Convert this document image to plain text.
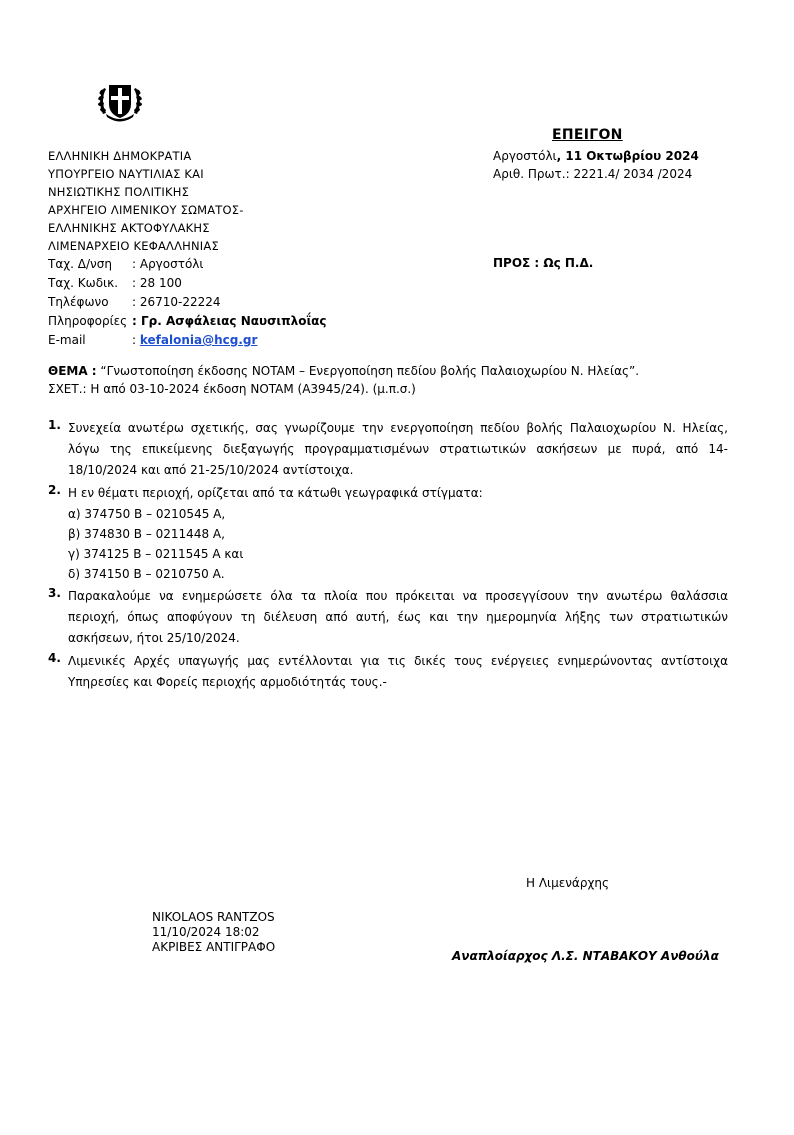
ΕΠΕΙΓΟΝ
ΕΛΛΗΝΙΚΗ ΔΗΜΟΚΡΑΤΙΑ
ΥΠΟΥΡΓΕΙΟ ΝΑΥΤΙΛΙΑΣ ΚΑΙ
ΝΗΣΙΩΤΙΚΗΣ ΠΟΛΙΤΙΚΗΣ
ΑΡΧΗΓΕΙΟ ΛΙΜΕΝΙΚΟΥ ΣΩΜΑΤΟΣ-
ΕΛΛΗΝΙΚΗΣ ΑΚΤΟΦΥΛΑΚΗΣ
ΛΙΜΕΝΑΡΧΕΙΟ ΚΕΦΑΛΛΗΝΙΑΣ
Ταχ. Δ/νση	: Αργοστόλι
Ταχ. Κωδικ.	: 28 100
Τηλέφωνο	: 26710-22224
Πληροφορίες : Γρ. Ασφάλειας Ναυσιπλοΐας
E-mail	: kefalonia@hcg.gr
Αργοστόλι, 11 Οκτωβρίου 2024
Αριθ. Πρωτ.: 2221.4/ 2034 /2024
ΠΡΟΣ : Ως Π.Δ.
ΘΕΜΑ : “Γνωστοποίηση έκδοσης NOTAM – Ενεργοποίηση πεδίου βολής Παλαιοχωρίου Ν. Ηλείας”.
ΣΧΕΤ.: Η από 03-10-2024 έκδοση NOTAM (A3945/24). (μ.π.σ.)
1. Συνεχεία ανωτέρω σχετικής, σας γνωρίζουμε την ενεργοποίηση πεδίου βολής Παλαιοχωρίου Ν. Ηλείας, λόγω της επικείμενης διεξαγωγής προγραμματισμένων στρατιωτικών ασκήσεων με πυρά, από 14-18/10/2024 και από 21-25/10/2024 αντίστοιχα.
2. Η εν θέματι περιοχή, ορίζεται από τα κάτωθι γεωγραφικά στίγματα:
α) 374750 Β – 0210545 Α,
β) 374830 Β – 0211448 Α,
γ) 374125 Β – 0211545 Α και
δ) 374150 Β – 0210750 Α.
3. Παρακαλούμε να ενημερώσετε όλα τα πλοία που πρόκειται να προσεγγίσουν την ανωτέρω θαλάσσια περιοχή, όπως αποφύγουν τη διέλευση από αυτή, έως και την ημερομηνία λήξης των στρατιωτικών ασκήσεων, ήτοι 25/10/2024.
4. Λιμενικές Αρχές υπαγωγής μας εντέλλονται για τις δικές τους ενέργειες ενημερώνοντας αντίστοιχα Υπηρεσίες και Φορείς περιοχής αρμοδιότητάς τους.-
Η Λιμενάρχης
NIKOLAOS RANTZOS
11/10/2024 18:02
ΑΚΡΙΒΕΣ ΑΝΤΙΓΡΑΦΟ
Αναπλοίαρχος Λ.Σ. ΝΤΑΒΑΚΟΥ Ανθούλα
